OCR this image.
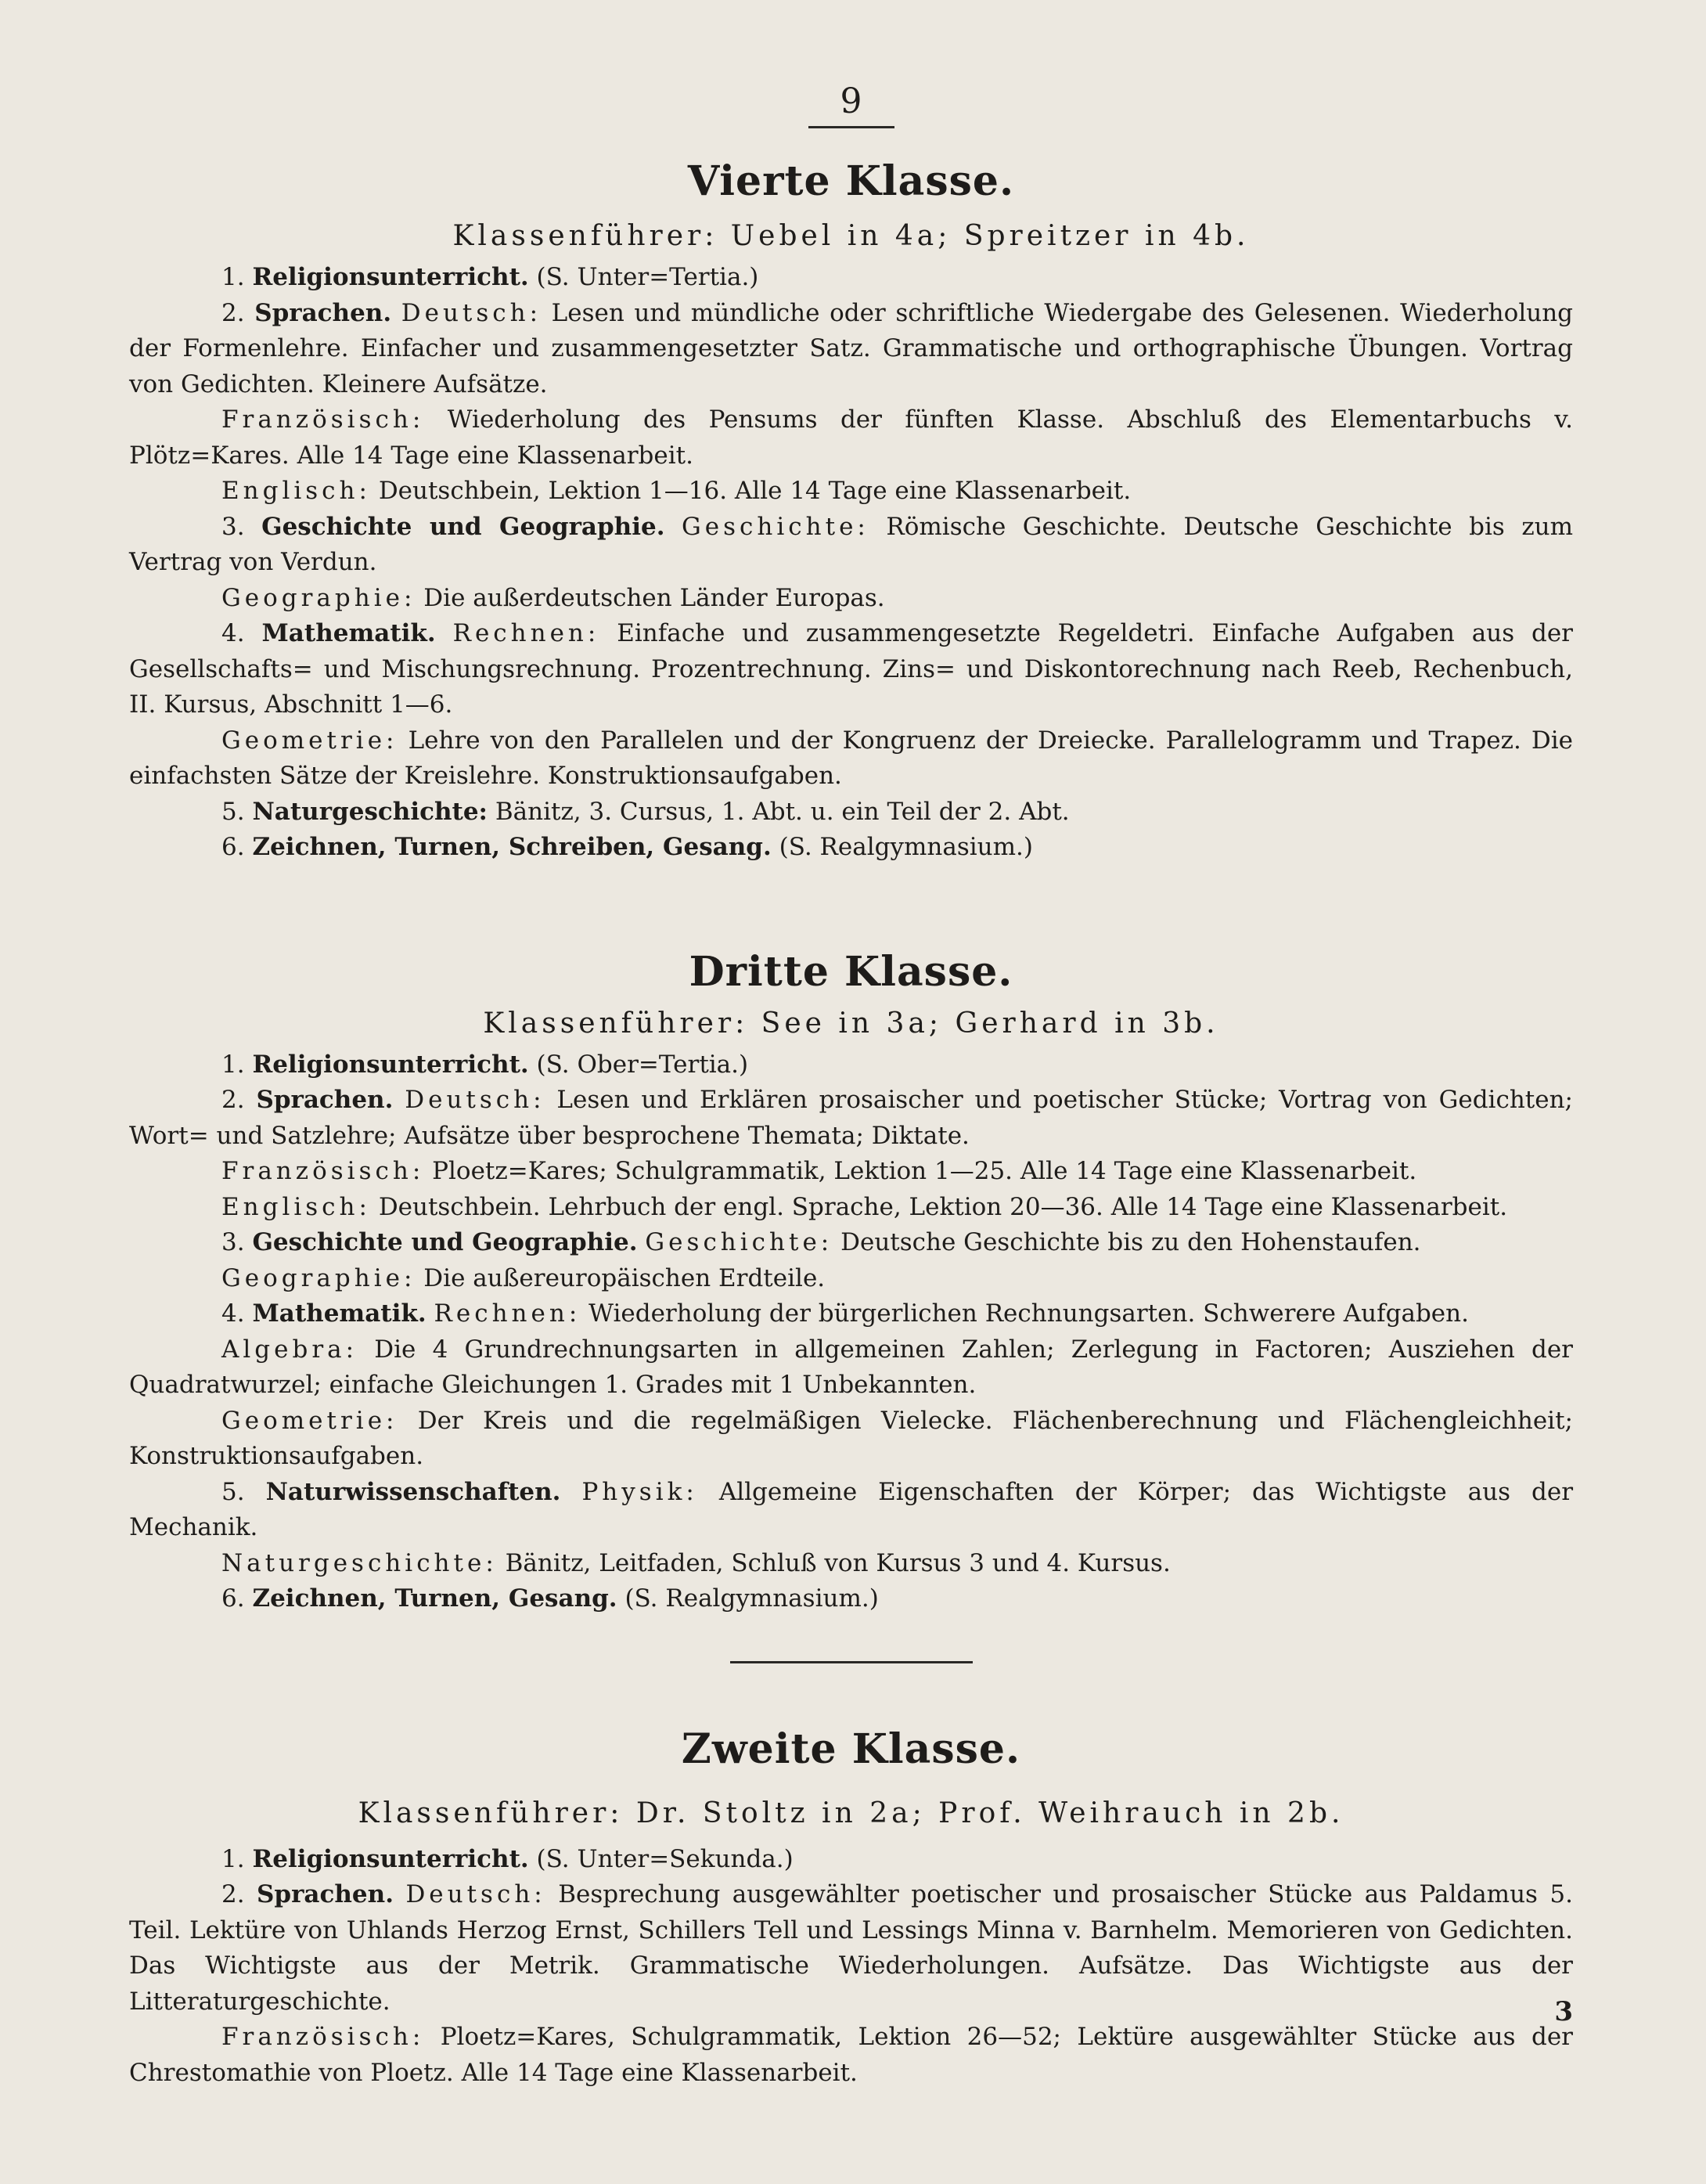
9
Vierte Klasse.
Klassenführer: Uebel in 4a; Spreitzer in 4b.

1. Religionsunterricht. (S. Unter=Tertia.)

2. Sprachen. Deutsch: Lesen und mündliche oder schriftliche Wiedergabe des Gelesenen. Wiederholung der Formenlehre. Einfacher und zusammengesetzter Satz. Grammatische und orthographische Übungen. Vortrag von Gedichten. Kleinere Aufsätze.

Französisch: Wiederholung des Pensums der fünften Klasse. Abschluß des Elementarbuchs v. Plötz=Kares. Alle 14 Tage eine Klassenarbeit.

Englisch: Deutschbein, Lektion 1—16. Alle 14 Tage eine Klassenarbeit.

3. Geschichte und Geographie. Geschichte: Römische Geschichte. Deutsche Geschichte bis zum Vertrag von Verdun.

Geographie: Die außerdeutschen Länder Europas.

4. Mathematik. Rechnen: Einfache und zusammengesetzte Regeldetri. Einfache Aufgaben aus der Gesellschafts= und Mischungsrechnung. Prozentrechnung. Zins= und Diskontorechnung nach Reeb, Rechenbuch, II. Kursus, Abschnitt 1—6.

Geometrie: Lehre von den Parallelen und der Kongruenz der Dreiecke. Parallelogramm und Trapez. Die einfachsten Sätze der Kreislehre. Konstruktionsaufgaben.

5. Naturgeschichte: Bänitz, 3. Cursus, 1. Abt. u. ein Teil der 2. Abt.

6. Zeichnen, Turnen, Schreiben, Gesang. (S. Realgymnasium.)

Dritte Klasse.
Klassenführer: See in 3a; Gerhard in 3b.

1. Religionsunterricht. (S. Ober=Tertia.)

2. Sprachen. Deutsch: Lesen und Erklären prosaischer und poetischer Stücke; Vortrag von Gedichten; Wort= und Satzlehre; Aufsätze über besprochene Themata; Diktate.

Französisch: Ploetz=Kares; Schulgrammatik, Lektion 1—25. Alle 14 Tage eine Klassenarbeit.

Englisch: Deutschbein. Lehrbuch der engl. Sprache, Lektion 20—36. Alle 14 Tage eine Klassenarbeit.

3. Geschichte und Geographie. Geschichte: Deutsche Geschichte bis zu den Hohenstaufen.

Geographie: Die außereuropäischen Erdteile.

4. Mathematik. Rechnen: Wiederholung der bürgerlichen Rechnungsarten. Schwerere Aufgaben.

Algebra: Die 4 Grundrechnungsarten in allgemeinen Zahlen; Zerlegung in Factoren; Ausziehen der Quadratwurzel; einfache Gleichungen 1. Grades mit 1 Unbekannten.

Geometrie: Der Kreis und die regelmäßigen Vielecke. Flächenberechnung und Flächengleichheit; Konstruktionsaufgaben.

5. Naturwissenschaften. Physik: Allgemeine Eigenschaften der Körper; das Wichtigste aus der Mechanik.

Naturgeschichte: Bänitz, Leitfaden, Schluß von Kursus 3 und 4. Kursus.

6. Zeichnen, Turnen, Gesang. (S. Realgymnasium.)

Zweite Klasse.
Klassenführer: Dr. Stoltz in 2a; Prof. Weihrauch in 2b.

1. Religionsunterricht. (S. Unter=Sekunda.)

2. Sprachen. Deutsch: Besprechung ausgewählter poetischer und prosaischer Stücke aus Paldamus 5. Teil. Lektüre von Uhlands Herzog Ernst, Schillers Tell und Lessings Minna v. Barnhelm. Memorieren von Gedichten. Das Wichtigste aus der Metrik. Grammatische Wiederholungen. Aufsätze. Das Wichtigste aus der Litteraturgeschichte.

Französisch: Ploetz=Kares, Schulgrammatik, Lektion 26—52; Lektüre ausgewählter Stücke aus der Chrestomathie von Ploetz. Alle 14 Tage eine Klassenarbeit.

3
